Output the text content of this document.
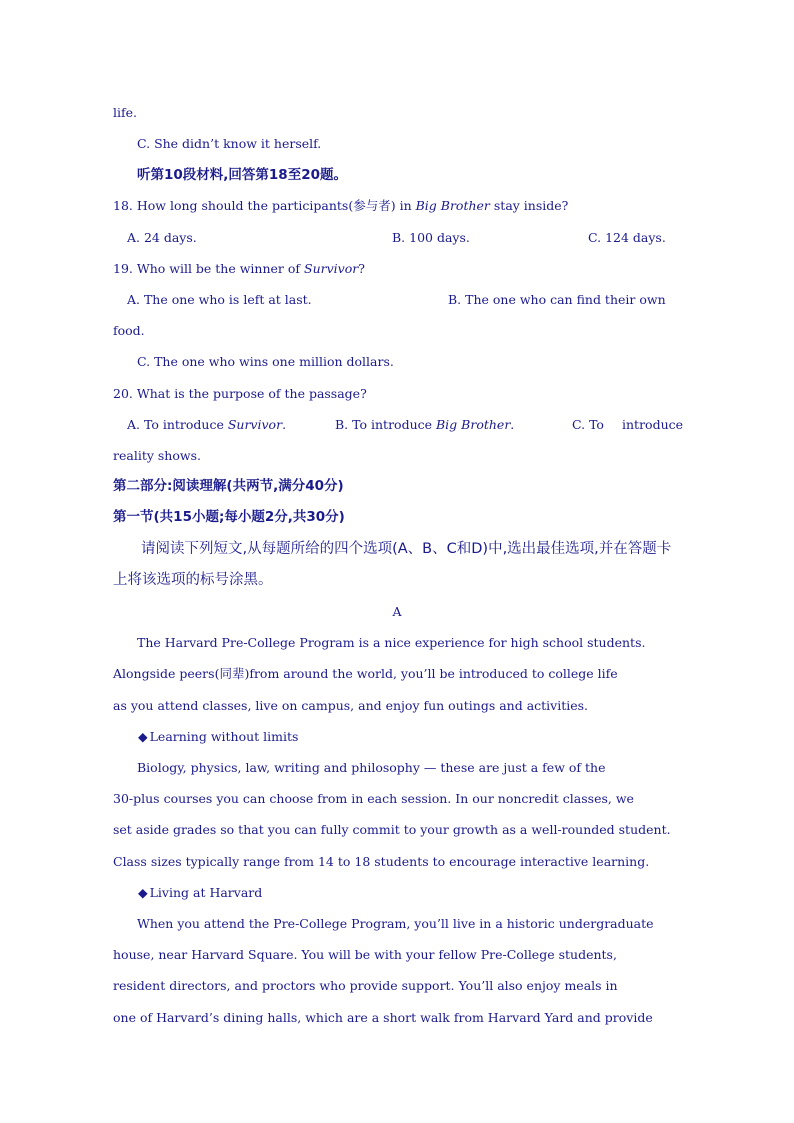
life.
C. She didn’t know it herself.
听第10段材料,回答第18至20题。
18. How long should the participants(参与者) in Big Brother stay inside?
A. 24 days.	B. 100 days.	C. 124 days.
19. Who will be the winner of Survivor?
A. The one who is left at last.	B. The one who can find their own
food.
C. The one who wins one million dollars.
20. What is the purpose of the passage?
A. To introduce Survivor.	B. To introduce Big Brother.	C. To introduce
reality shows.
第二部分:阅读理解(共两节,满分40分)
第一节(共15小题;每小题2分,共30分)
请阅读下列短文,从每题所给的四个选项(A、B、C和D)中,选出最佳选项,并在答题卡
上将该选项的标号涂黑。
A
The Harvard Pre-College Program is a nice experience for high school students.
Alongside peers(同辈)from around the world, you’ll be introduced to college life
as you attend classes, live on campus, and enjoy fun outings and activities.
◆ Learning without limits
Biology, physics, law, writing and philosophy — these are just a few of the
30-plus courses you can choose from in each session. In our noncredit classes, we
set aside grades so that you can fully commit to your growth as a well-rounded student.
Class sizes typically range from 14 to 18 students to encourage interactive learning.
◆ Living at Harvard
When you attend the Pre-College Program, you’ll live in a historic undergraduate
house, near Harvard Square. You will be with your fellow Pre-College students,
resident directors, and proctors who provide support. You’ll also enjoy meals in
one of Harvard’s dining halls, which are a short walk from Harvard Yard and provide
